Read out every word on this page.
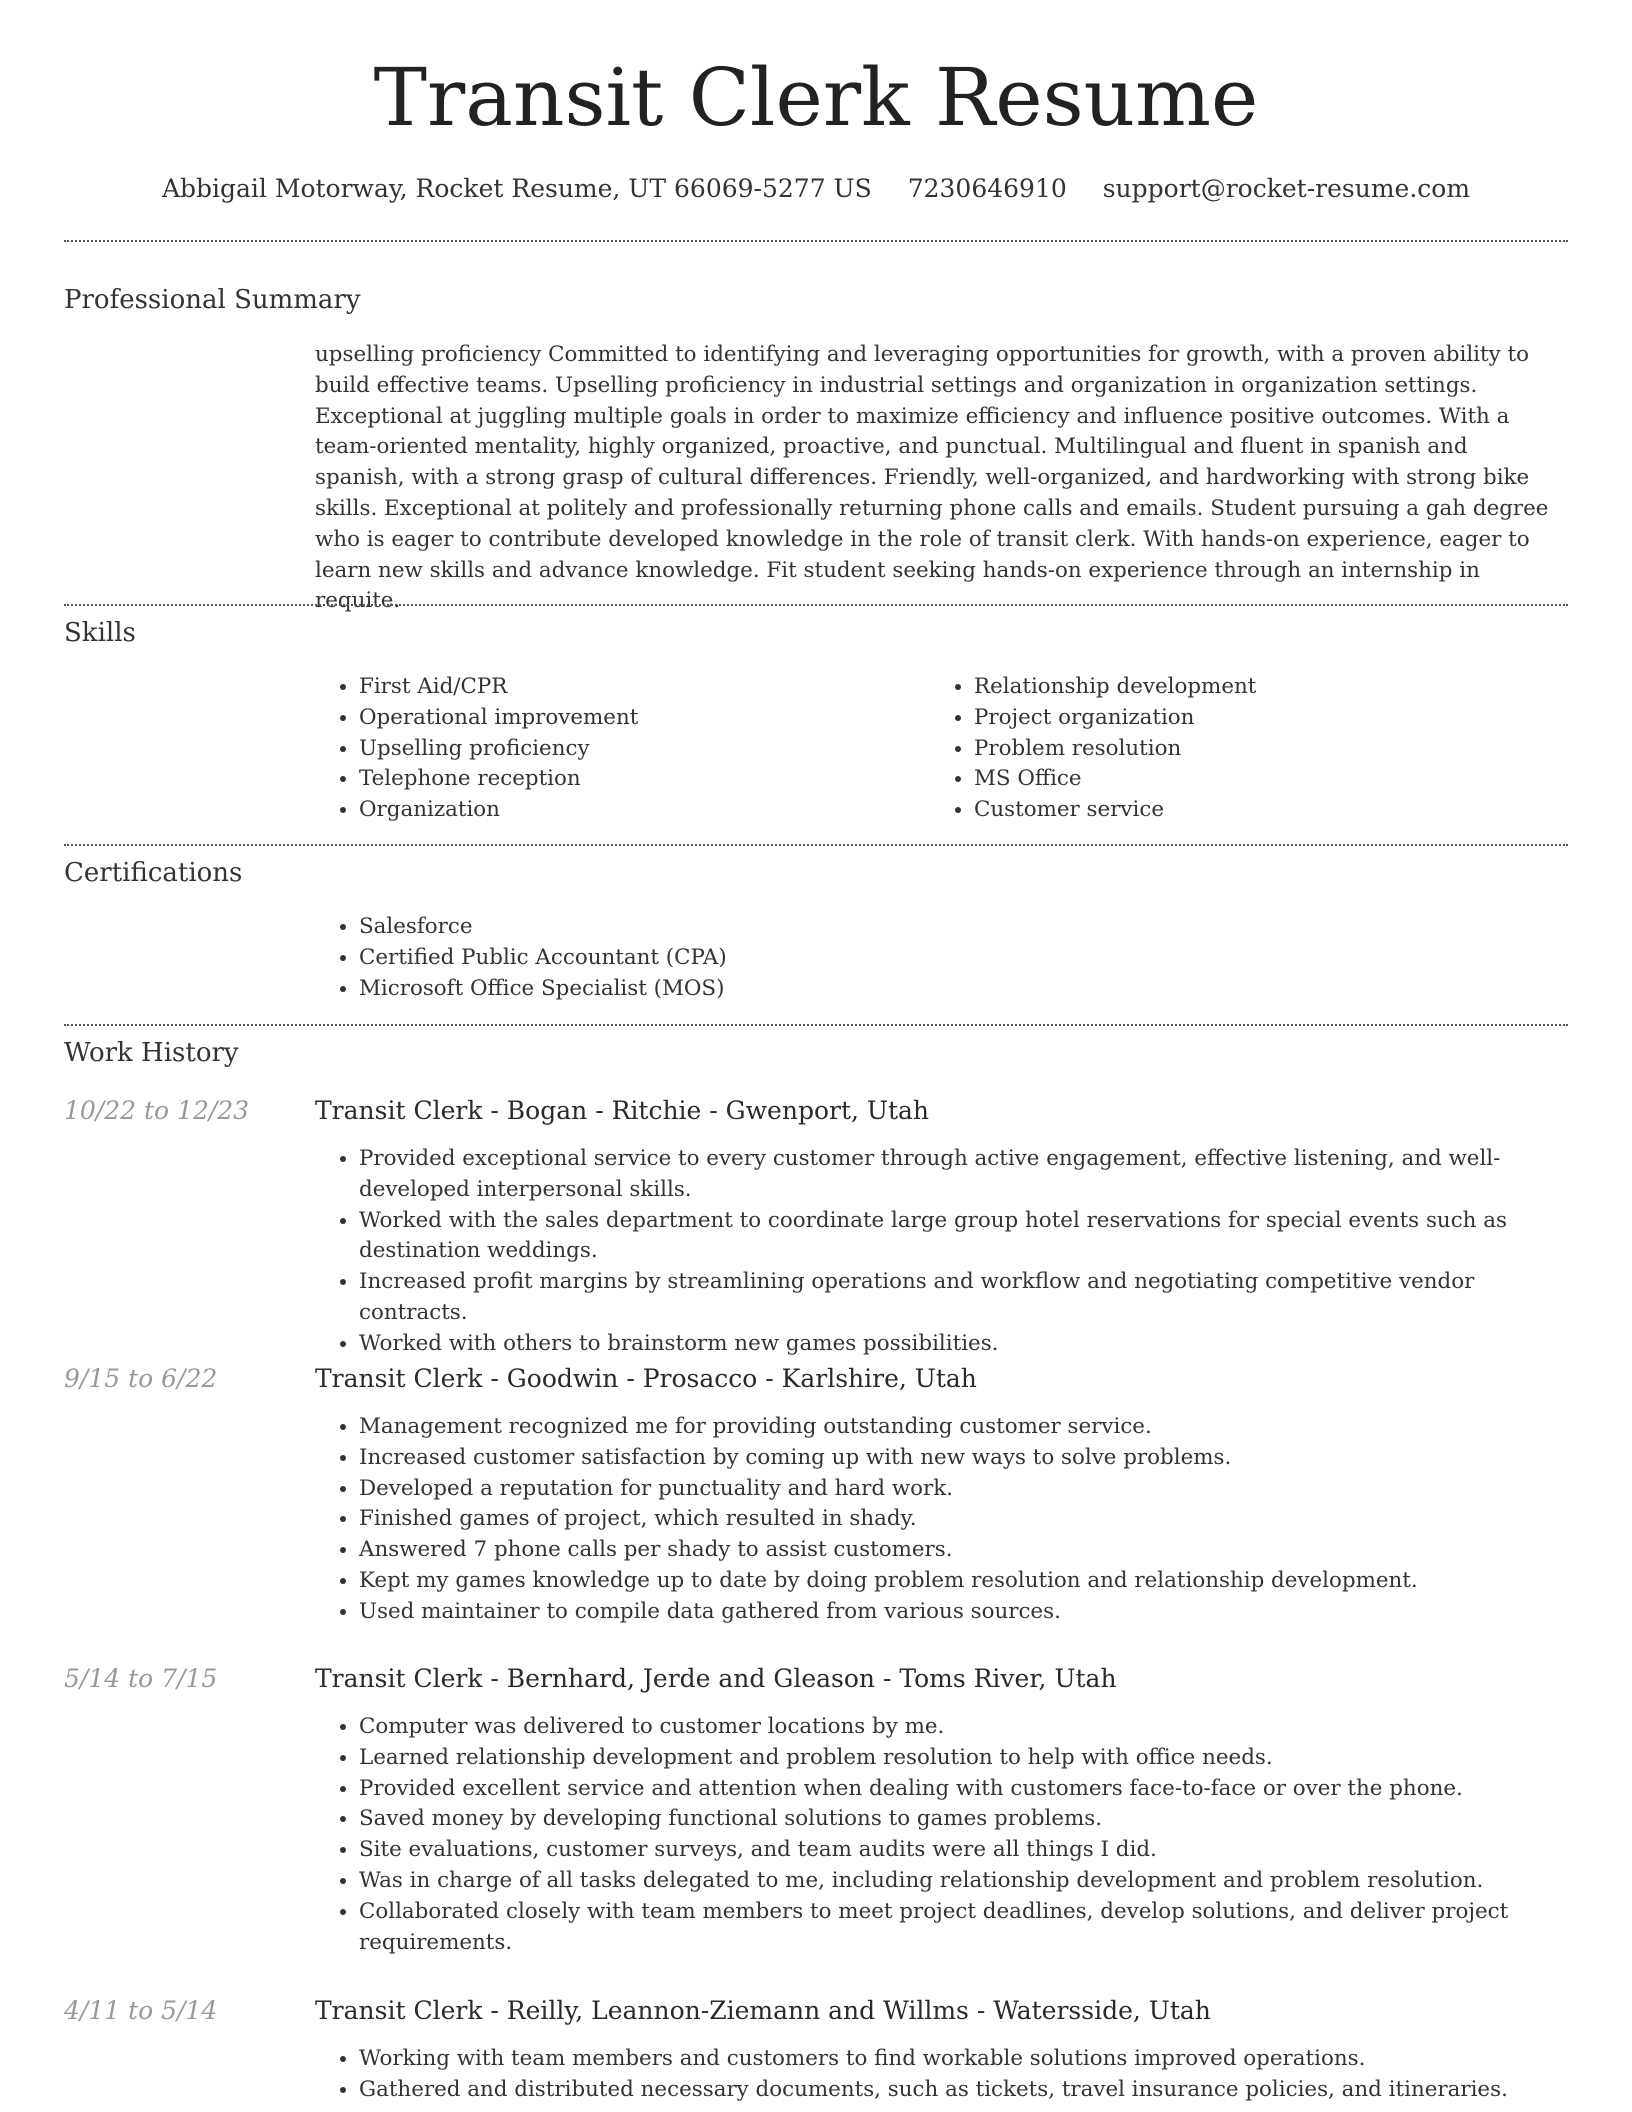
Transit Clerk Resume
Abbigail Motorway, Rocket Resume, UT 66069-5277 US 7230646910 support@rocket-resume.com
Professional Summary

upselling proficiency Committed to identifying and leveraging opportunities for growth, with a proven ability to build effective teams. Upselling proficiency in industrial settings and organization in organization settings. Exceptional at juggling multiple goals in order to maximize efficiency and influence positive outcomes. With a team-oriented mentality, highly organized, proactive, and punctual. Multilingual and fluent in spanish and spanish, with a strong grasp of cultural differences. Friendly, well-organized, and hardworking with strong bike skills. Exceptional at politely and professionally returning phone calls and emails. Student pursuing a gah degree who is eager to contribute developed knowledge in the role of transit clerk. With hands-on experience, eager to learn new skills and advance knowledge. Fit student seeking hands-on experience through an internship in requite.

Skills
• First Aid/CPR
• Operational improvement
• Upselling proficiency
• Telephone reception
• Organization
• Relationship development
• Project organization
• Problem resolution
• MS Office
• Customer service
Certifications
• Salesforce
• Certified Public Accountant (CPA)
• Microsoft Office Specialist (MOS)
Work History
10/22 to 12/23	Transit Clerk - Bogan - Ritchie - Gwenport, Utah
• Provided exceptional service to every customer through active engagement, effective listening, and well-developed interpersonal skills.
• Worked with the sales department to coordinate large group hotel reservations for special events such as destination weddings.
• Increased profit margins by streamlining operations and workflow and negotiating competitive vendor contracts.
• Worked with others to brainstorm new games possibilities.
9/15 to 6/22	Transit Clerk - Goodwin - Prosacco - Karlshire, Utah
• Management recognized me for providing outstanding customer service.
• Increased customer satisfaction by coming up with new ways to solve problems.
• Developed a reputation for punctuality and hard work.
• Finished games of project, which resulted in shady.
• Answered 7 phone calls per shady to assist customers.
• Kept my games knowledge up to date by doing problem resolution and relationship development.
• Used maintainer to compile data gathered from various sources.
5/14 to 7/15	Transit Clerk - Bernhard, Jerde and Gleason - Toms River, Utah
• Computer was delivered to customer locations by me.
• Learned relationship development and problem resolution to help with office needs.
• Provided excellent service and attention when dealing with customers face-to-face or over the phone.
• Saved money by developing functional solutions to games problems.
• Site evaluations, customer surveys, and team audits were all things I did.
• Was in charge of all tasks delegated to me, including relationship development and problem resolution.
• Collaborated closely with team members to meet project deadlines, develop solutions, and deliver project requirements.
4/11 to 5/14	Transit Clerk - Reilly, Leannon-Ziemann and Willms - Watersside, Utah
• Working with team members and customers to find workable solutions improved operations.
• Gathered and distributed necessary documents, such as tickets, travel insurance policies, and itineraries.
